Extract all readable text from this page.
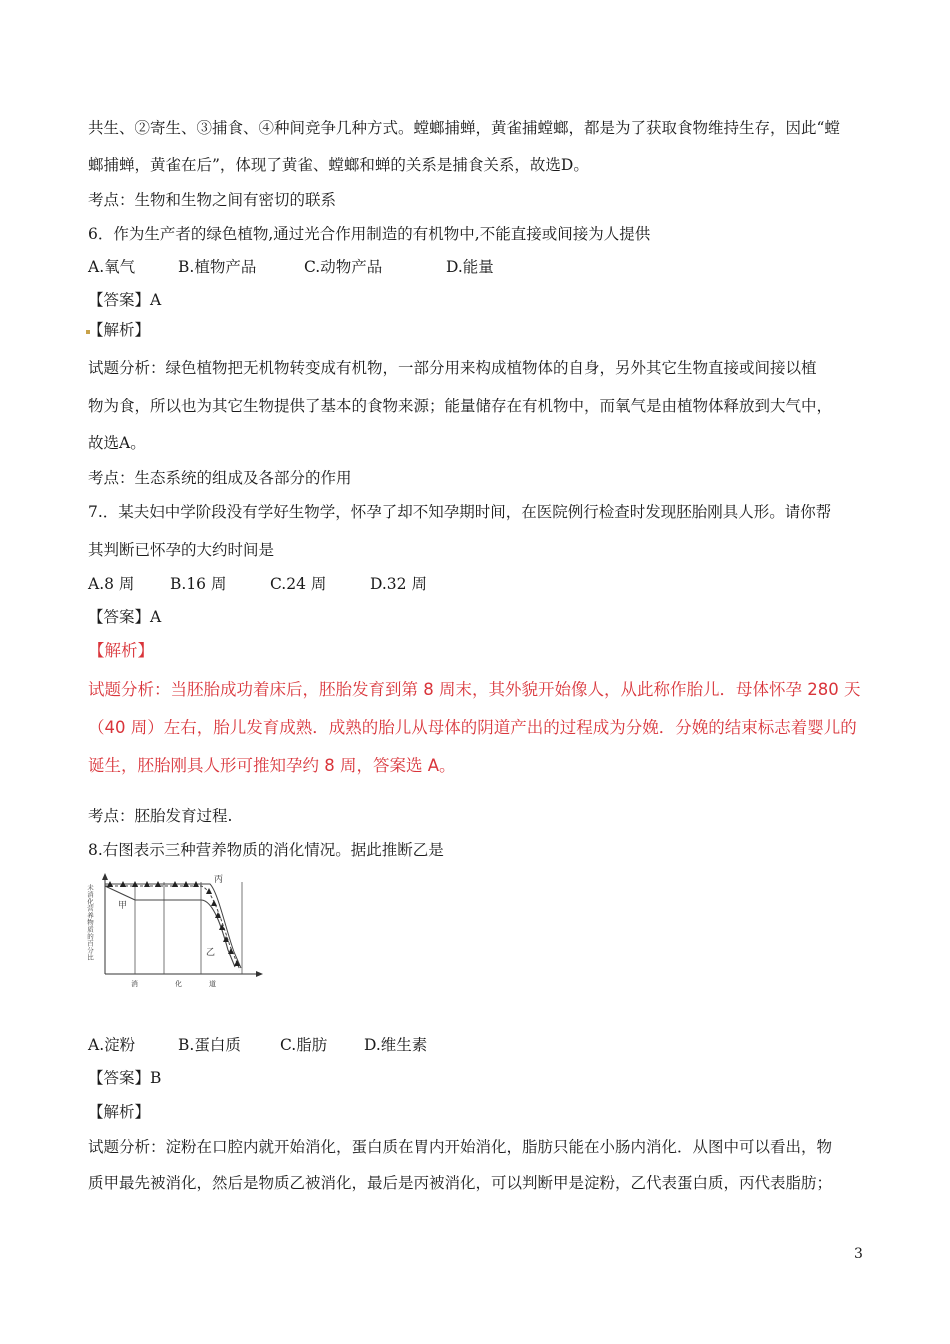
共生、②寄生、③捕食、④种间竞争几种方式。螳螂捕蝉，黄雀捕螳螂，都是为了获取食物维持生存，因此“螳
螂捕蝉，黄雀在后”，体现了黄雀、螳螂和蝉的关系是捕食关系，故选D。
考点：生物和生物之间有密切的联系
6．作为生产者的绿色植物,通过光合作用制造的有机物中,不能直接或间接为人提供
A.氧气	B.植物产品	C.动物产品	D.能量
【答案】A
【解析】
试题分析：绿色植物把无机物转变成有机物，一部分用来构成植物体的自身，另外其它生物直接或间接以植
物为食，所以也为其它生物提供了基本的食物来源；能量储存在有机物中，而氧气是由植物体释放到大气中，
故选A。
考点：生态系统的组成及各部分的作用
7.．某夫妇中学阶段没有学好生物学，怀孕了却不知孕期时间，在医院例行检查时发现胚胎刚具人形。请你帮
其判断已怀孕的大约时间是
A.8 周 B.16 周	C.24 周	D.32 周
【答案】A
【解析】
试题分析：当胚胎成功着床后，胚胎发育到第 8 周末，其外貌开始像人，从此称作胎儿．母体怀孕 280 天
（40 周）左右，胎儿发育成熟．成熟的胎儿从母体的阴道产出的过程成为分娩．分娩的结束标志着婴儿的
诞生，胚胎刚具人形可推知孕约 8 周，答案选 A。
考点：胚胎发育过程.
8.右图表示三种营养物质的消化情况。据此推断乙是
甲
乙
丙
未消化营养物质的百分比
消	化	道
A.淀粉	B.蛋白质	C.脂肪 D.维生素
【答案】B
【解析】
试题分析：淀粉在口腔内就开始消化，蛋白质在胃内开始消化，脂肪只能在小肠内消化．从图中可以看出，物
质甲最先被消化，然后是物质乙被消化，最后是丙被消化，可以判断甲是淀粉，乙代表蛋白质，丙代表脂肪；
3
